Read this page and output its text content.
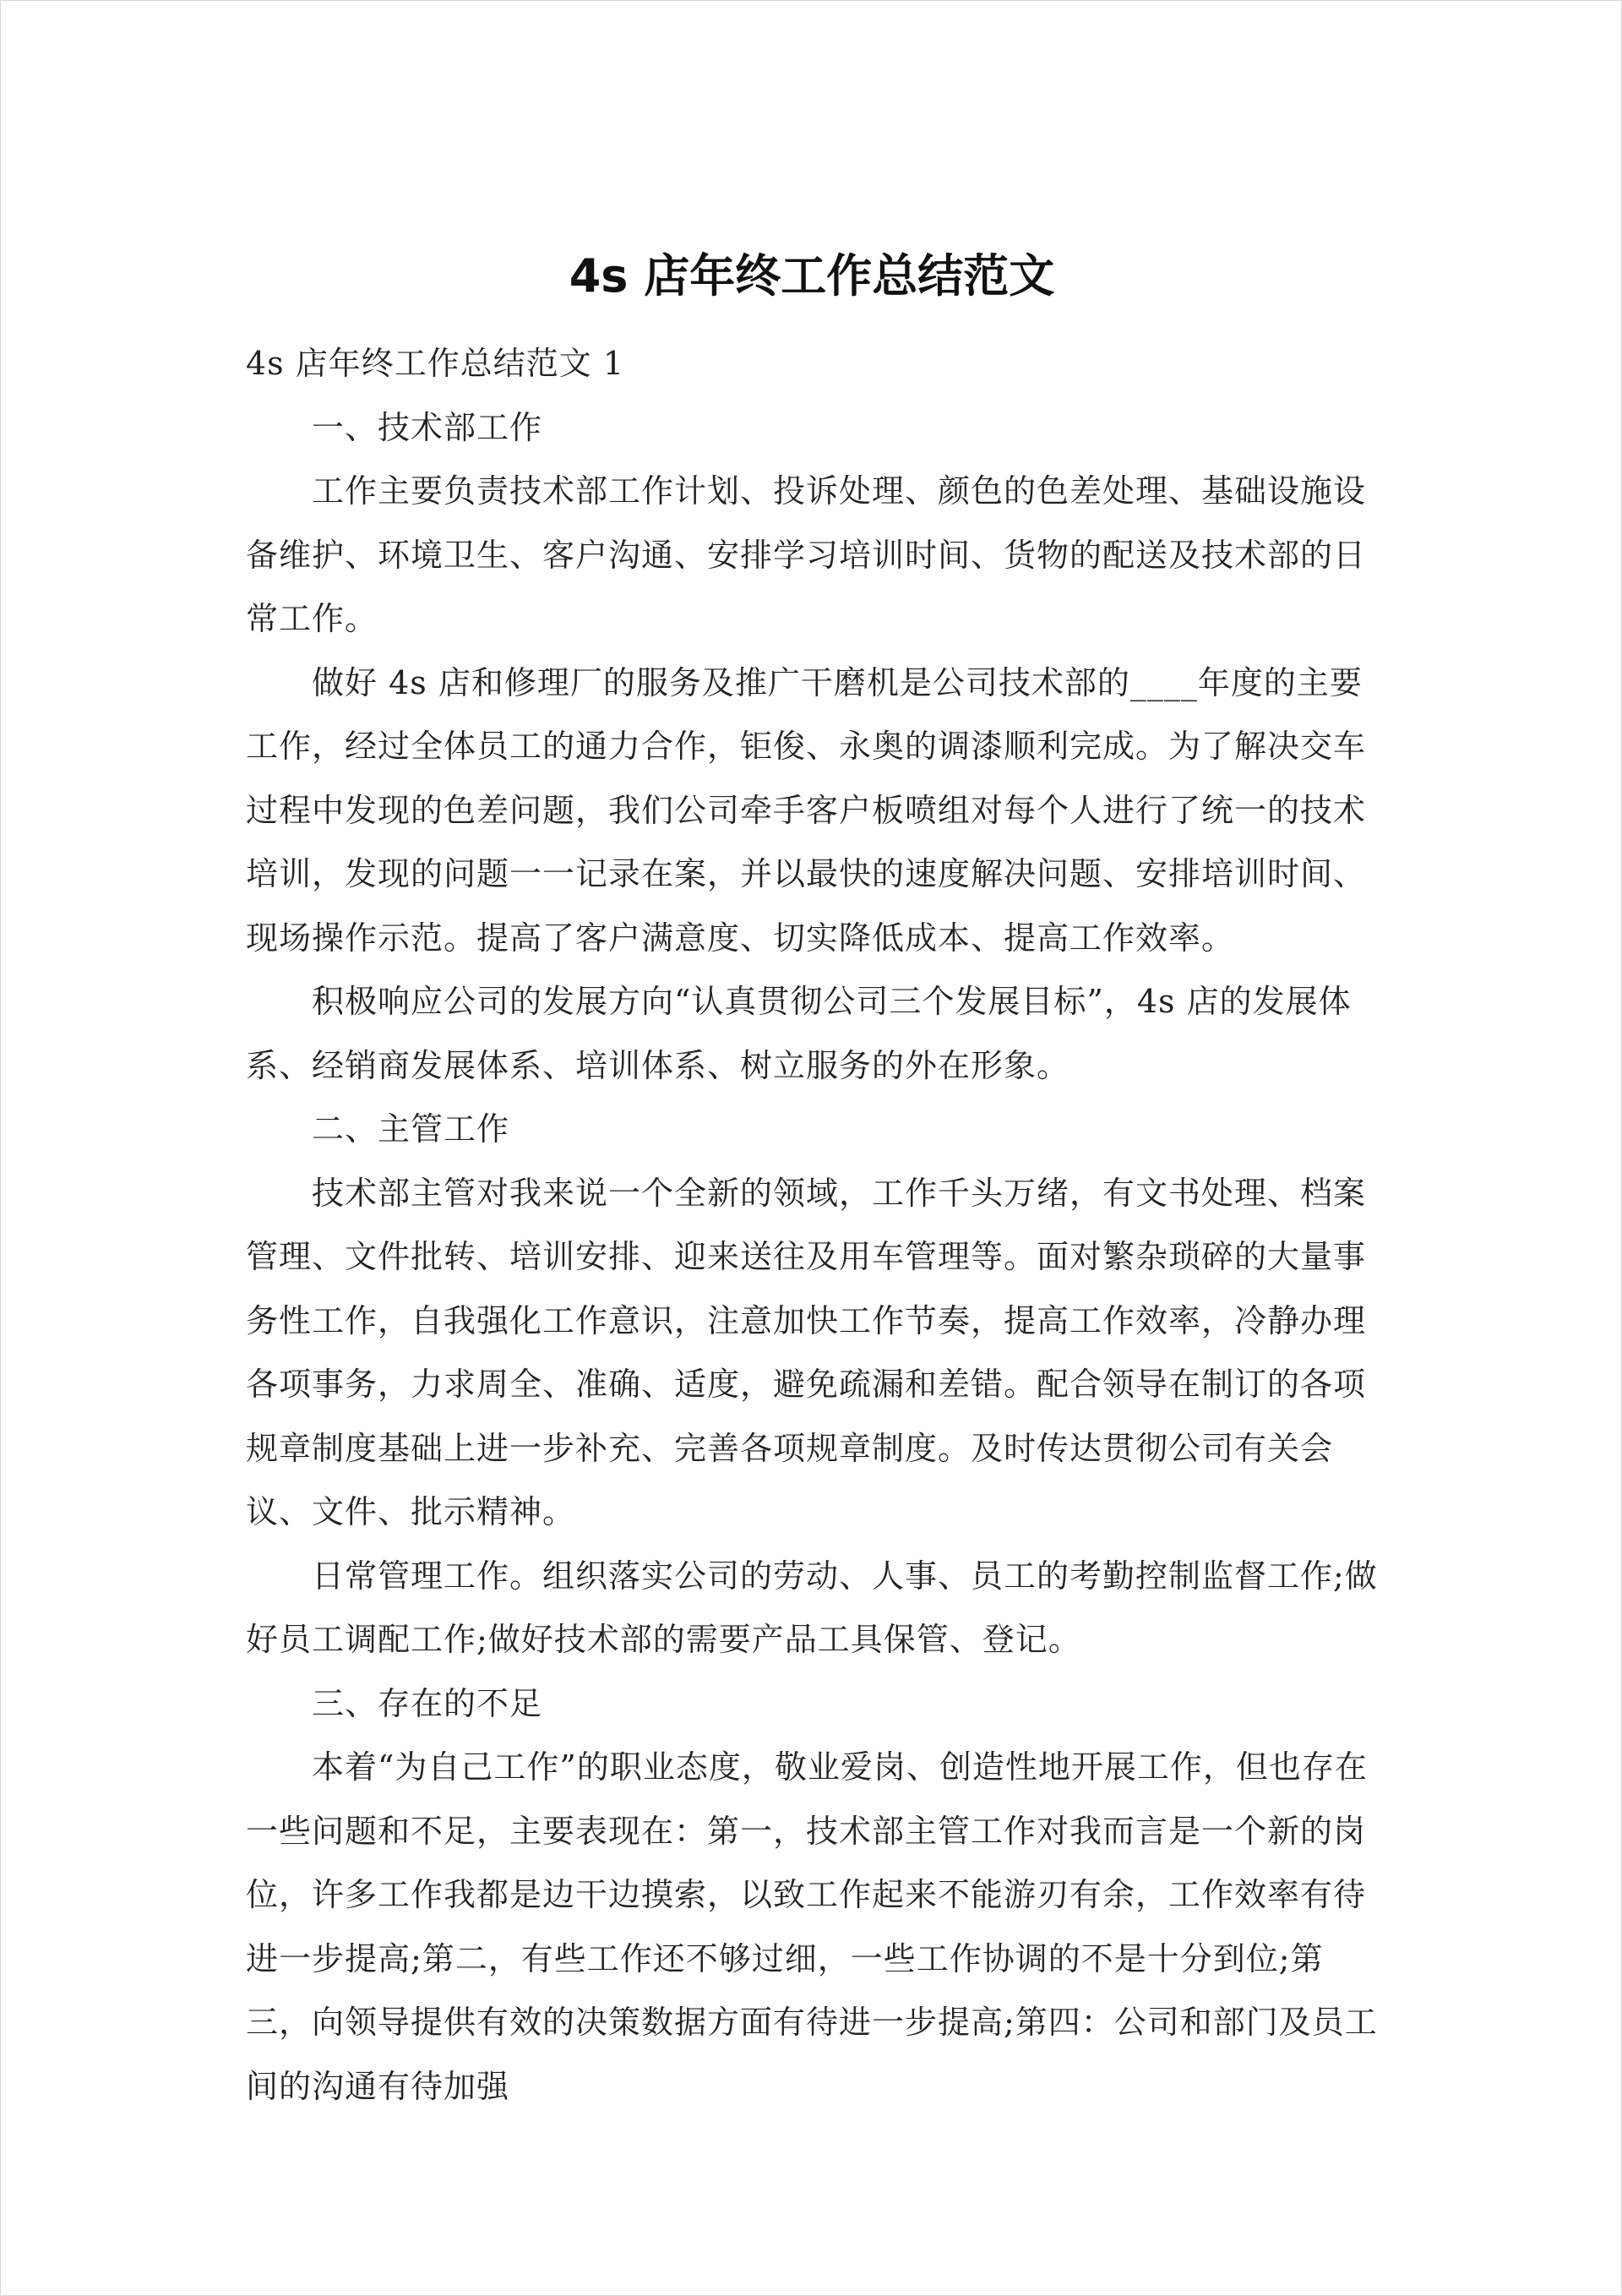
4s 店年终工作总结范文

4s 店年终工作总结范文 1

一、技术部工作

工作主要负责技术部工作计划、投诉处理、颜色的色差处理、基础设施设备维护、环境卫生、客户沟通、安排学习培训时间、货物的配送及技术部的日常工作。

做好 4s 店和修理厂的服务及推广干磨机是公司技术部的____年度的主要工作，经过全体员工的通力合作，钜俊、永奥的调漆顺利完成。为了解决交车过程中发现的色差问题，我们公司牵手客户板喷组对每个人进行了统一的技术培训，发现的问题一一记录在案，并以最快的速度解决问题、安排培训时间、现场操作示范。提高了客户满意度、切实降低成本、提高工作效率。

积极响应公司的发展方向“认真贯彻公司三个发展目标”，4s 店的发展体系、经销商发展体系、培训体系、树立服务的外在形象。

二、主管工作

技术部主管对我来说一个全新的领域，工作千头万绪，有文书处理、档案管理、文件批转、培训安排、迎来送往及用车管理等。面对繁杂琐碎的大量事务性工作，自我强化工作意识，注意加快工作节奏，提高工作效率，冷静办理各项事务，力求周全、准确、适度，避免疏漏和差错。配合领导在制订的各项规章制度基础上进一步补充、完善各项规章制度。及时传达贯彻公司有关会议、文件、批示精神。

日常管理工作。组织落实公司的劳动、人事、员工的考勤控制监督工作;做好员工调配工作;做好技术部的需要产品工具保管、登记。

三、存在的不足

本着“为自己工作”的职业态度，敬业爱岗、创造性地开展工作，但也存在一些问题和不足，主要表现在：第一，技术部主管工作对我而言是一个新的岗位，许多工作我都是边干边摸索，以致工作起来不能游刃有余，工作效率有待进一步提高;第二，有些工作还不够过细，一些工作协调的不是十分到位;第三，向领导提供有效的决策数据方面有待进一步提高;第四：公司和部门及员工间的沟通有待加强
